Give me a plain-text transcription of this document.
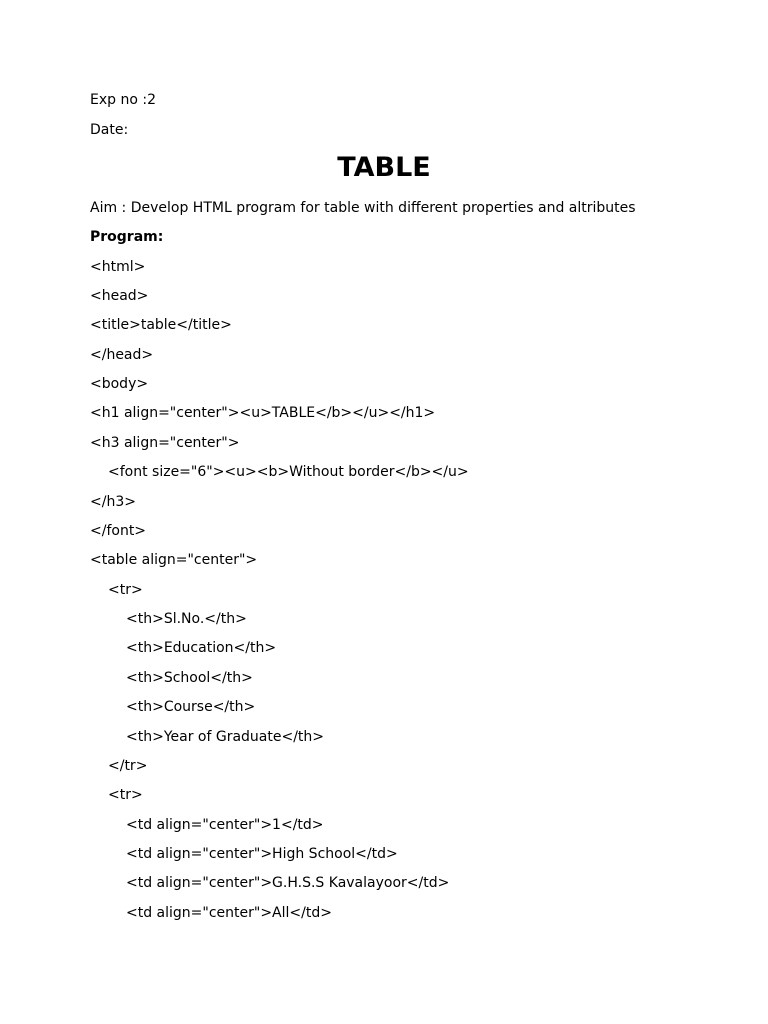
Exp no :2
Date:
TABLE
Aim : Develop HTML program for table with different properties and altributes
Program:
<html>
<head>
<title>table</title>
</head>
<body>
<h1 align="center"><u>TABLE</b></u></h1>
<h3 align="center">
<font size="6"><u><b>Without border</b></u>
</h3>
</font>
<table align="center">
<tr>
<th>Sl.No.</th>
<th>Education</th>
<th>School</th>
<th>Course</th>
<th>Year of Graduate</th>
</tr>
<tr>
<td align="center">1</td>
<td align="center">High School</td>
<td align="center">G.H.S.S Kavalayoor</td>
<td align="center">All</td>
